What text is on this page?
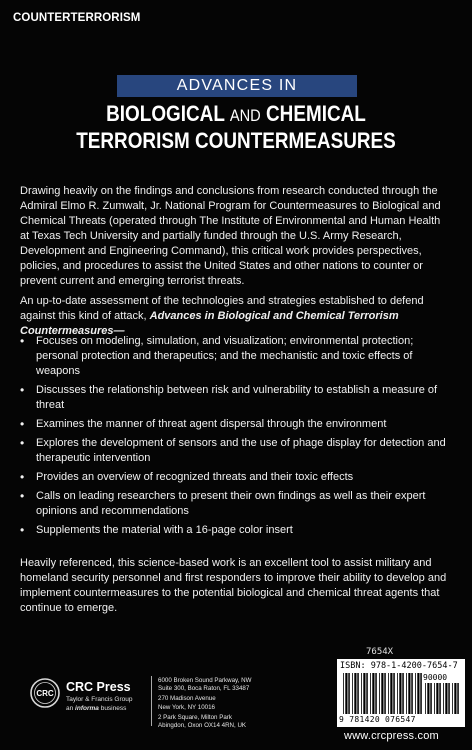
COUNTERTERRORISM
ADVANCES IN
BIOLOGICAL AND CHEMICAL
TERRORISM COUNTERMEASURES
Drawing heavily on the findings and conclusions from research conducted through the Admiral Elmo R. Zumwalt, Jr. National Program for Countermeasures to Biological and Chemical Threats (operated through The Institute of Environmental and Human Health at Texas Tech University and partially funded through the U.S. Army Research, Development and Engineering Command), this critical work provides perspectives, policies, and procedures to assist the United States and other nations to counter or prevent current and emerging terrorist threats.
An up-to-date assessment of the technologies and strategies established to defend against this kind of attack, Advances in Biological and Chemical Terrorism Countermeasures—
• Focuses on modeling, simulation, and visualization; environmental protection; personal protection and therapeutics; and the mechanistic and toxic effects of weapons
• Discusses the relationship between risk and vulnerability to establish a measure of threat
• Examines the manner of threat agent dispersal through the environment
• Explores the development of sensors and the use of phage display for detection and therapeutic intervention
• Provides an overview of recognized threats and their toxic effects
• Calls on leading researchers to present their own findings as well as their expert opinions and recommendations
• Supplements the material with a 16-page color insert
Heavily referenced, this science-based work is an excellent tool to assist military and homeland security personnel and first responders to improve their ability to develop and implement countermeasures to the potential biological and chemical threat agents that continue to emerge.
7654X
ISBN: 978-1-4200-7654-7
90000
9 781420 076547
CRC CRC Press
Taylor & Francis Group
an informa business
6000 Broken Sound Parkway, NW
Suite 300, Boca Raton, FL 33487
270 Madison Avenue
New York, NY 10016
2 Park Square, Milton Park
Abingdon, Oxon OX14 4RN, UK
www.crcpress.com
